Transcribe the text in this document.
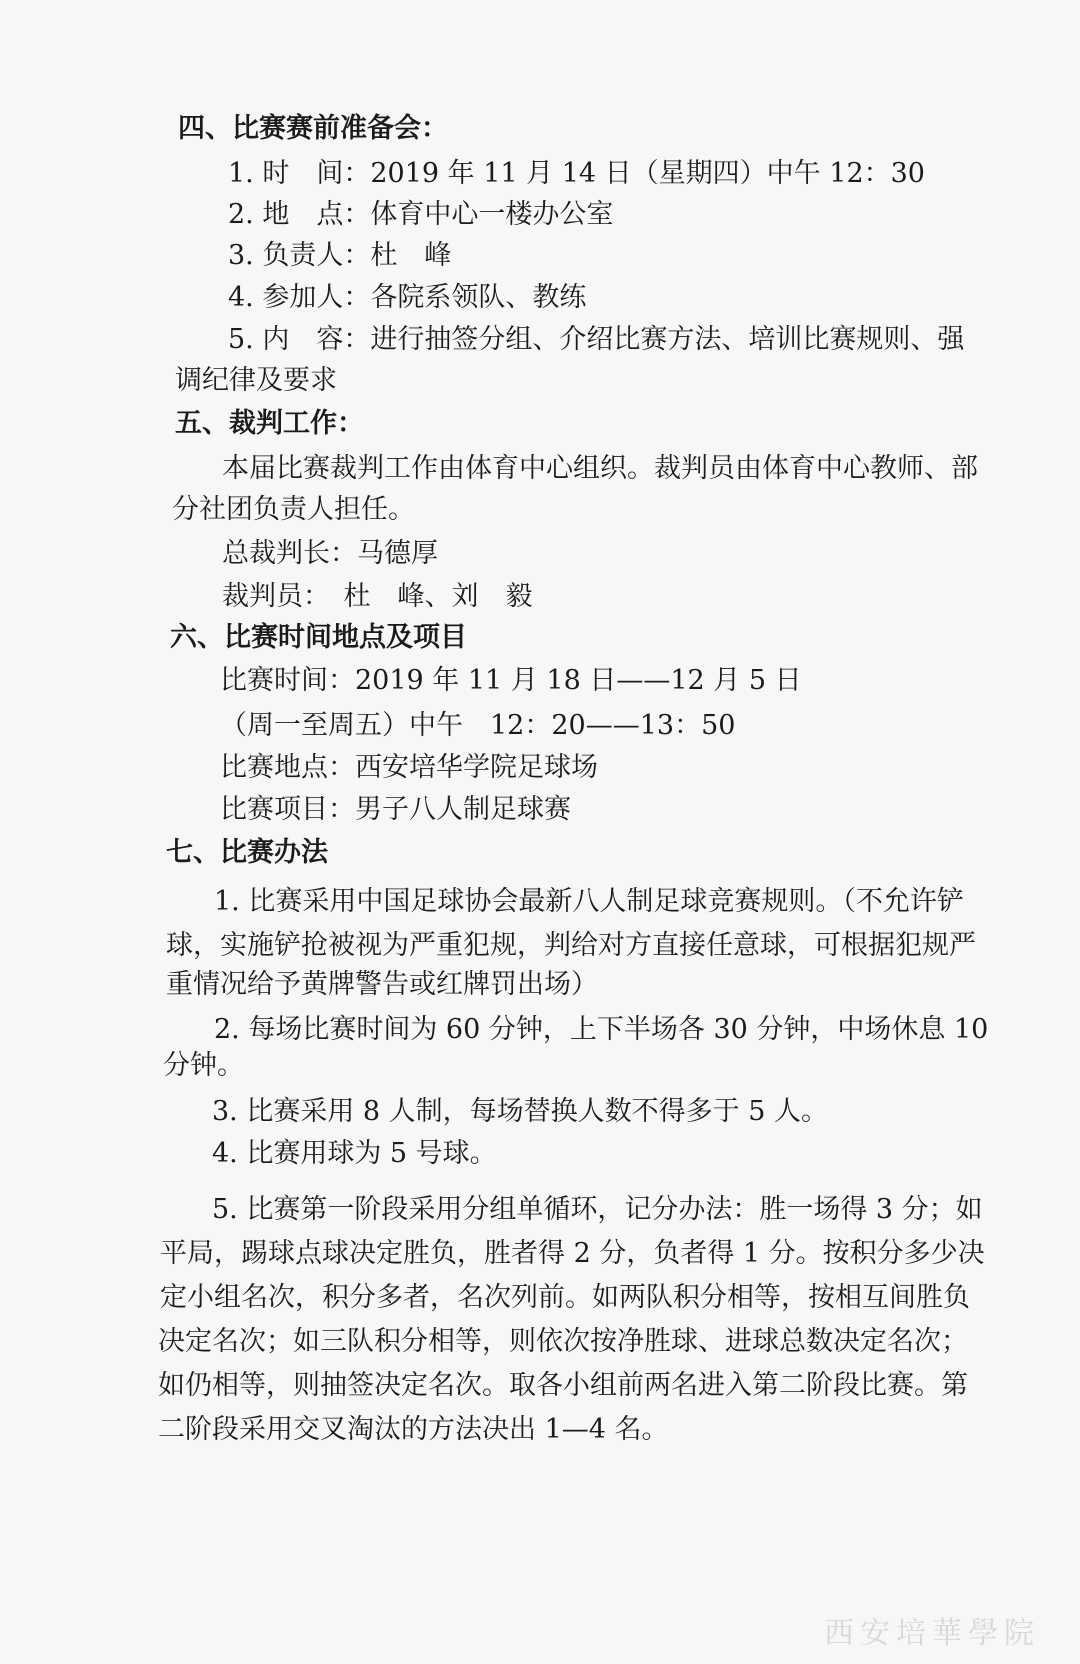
四、比赛赛前准备会：
1. 时　间：2019 年 11 月 14 日（星期四）中午 12：30
2. 地　点：体育中心一楼办公室
3. 负责人：杜　峰
4. 参加人：各院系领队、教练
5. 内　容：进行抽签分组、介绍比赛方法、培训比赛规则、强
调纪律及要求
五、裁判工作：
本届比赛裁判工作由体育中心组织。裁判员由体育中心教师、部
分社团负责人担任。
总裁判长：马德厚
裁判员：　杜　峰、刘　毅
六、比赛时间地点及项目
比赛时间：2019 年 11 月 18 日——12 月 5 日
（周一至周五）中午　12：20——13：50
比赛地点：西安培华学院足球场
比赛项目：男子八人制足球赛
七、比赛办法
1. 比赛采用中国足球协会最新八人制足球竞赛规则。（不允许铲
球，实施铲抢被视为严重犯规，判给对方直接任意球，可根据犯规严
重情况给予黄牌警告或红牌罚出场）
2. 每场比赛时间为 60 分钟，上下半场各 30 分钟，中场休息 10
分钟。
3. 比赛采用 8 人制，每场替换人数不得多于 5 人。
4. 比赛用球为 5 号球。
5. 比赛第一阶段采用分组单循环，记分办法：胜一场得 3 分；如
平局，踢球点球决定胜负，胜者得 2 分，负者得 1 分。按积分多少决
定小组名次，积分多者，名次列前。如两队积分相等，按相互间胜负
决定名次；如三队积分相等，则依次按净胜球、进球总数决定名次；
如仍相等，则抽签决定名次。取各小组前两名进入第二阶段比赛。第
二阶段采用交叉淘汰的方法决出 1—4 名。
西安培華學院
